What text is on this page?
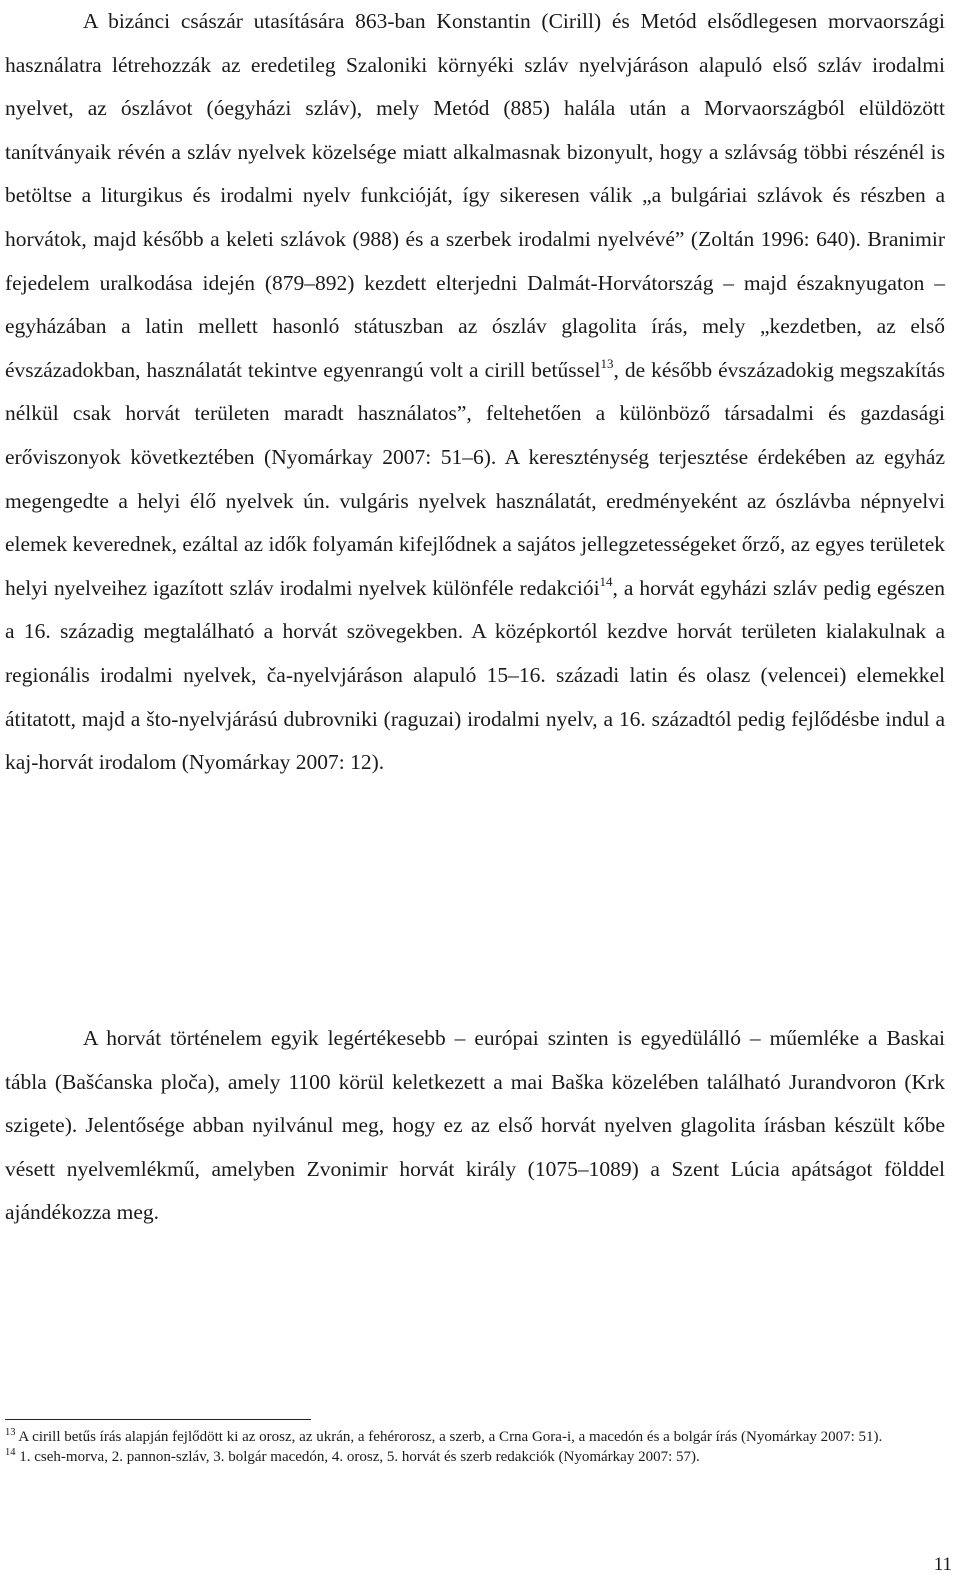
A bizánci császár utasítására 863-ban Konstantin (Cirill) és Metód elsődlegesen morvaországi használatra létrehozzák az eredetileg Szaloniki környéki szláv nyelvjáráson alapuló első szláv irodalmi nyelvet, az ószlávot (óegyházi szláv), mely Metód (885) halála után a Morvaországból elüldözött tanítványaik révén a szláv nyelvek közelsége miatt alkalmasnak bizonyult, hogy a szlávság többi részénél is betöltse a liturgikus és irodalmi nyelv funkcióját, így sikeresen válik „a bulgáriai szlávok és részben a horvátok, majd később a keleti szlávok (988) és a szerbek irodalmi nyelvévé” (Zoltán 1996: 640). Branimir fejedelem uralkodása idején (879–892) kezdett elterjedni Dalmát-Horvátország – majd északnyugaton – egyházában a latin mellett hasonló státuszban az ószláv glagolita írás, mely „kezdetben, az első évszázadokban, használatát tekintve egyenrangú volt a cirill betűssel$^{13}$, de később évszázadokig megszakítás nélkül csak horvát területen maradt használatos”, feltehetően a különböző társadalmi és gazdasági erőviszonyok következtében (Nyomárkay 2007: 51–6). A kereszténység terjesztése érdekében az egyház megengedte a helyi élő nyelvek ún. vulgáris nyelvek használatát, eredményeként az ószlávba népnyelvi elemek keverednek, ezáltal az idők folyamán kifejlődnek a sajátos jellegzetességeket őrző, az egyes területek helyi nyelveihez igazított szláv irodalmi nyelvek különféle redakciói$^{14}$, a horvát egyházi szláv pedig egészen a 16. századig megtalálható a horvát szövegekben. A középkortól kezdve horvát területen kialakulnak a regionális irodalmi nyelvek, ča-nyelvjáráson alapuló 15–16. századi latin és olasz (velencei) elemekkel átitatott, majd a što-nyelvjárású dubrovniki (raguzai) irodalmi nyelv, a 16. századtól pedig fejlődésbe indul a kaj-horvát irodalom (Nyomárkay 2007: 12).

A horvát történelem egyik legértékesebb – európai szinten is egyedülálló – műemléke a Baskai tábla (Bašćanska ploča), amely 1100 körül keletkezett a mai Baška közelében található Jurandvoron (Krk szigete). Jelentősége abban nyilvánul meg, hogy ez az első horvát nyelven glagolita írásban készült kőbe vésett nyelvemlékmű, amelyben Zvonimir horvát király (1075–1089) a Szent Lúcia apátságot földdel ajándékozza meg.

$^{13}$ A cirill betűs írás alapján fejlődött ki az orosz, az ukrán, a fehérorosz, a szerb, a Crna Gora-i, a macedón és a bolgár írás (Nyomárkay 2007: 51).

$^{14}$ 1. cseh-morva, 2. pannon-szláv, 3. bolgár macedón, 4. orosz, 5. horvát és szerb redakciók (Nyomárkay 2007: 57).

11
